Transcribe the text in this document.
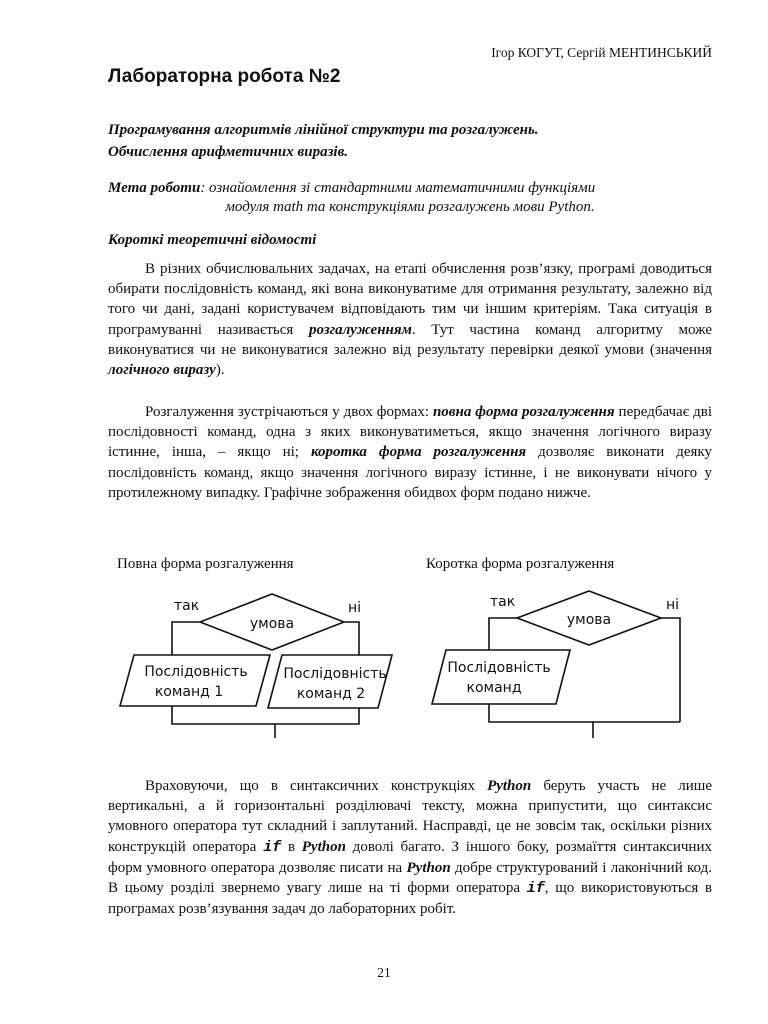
Ігор КОГУТ, Сергій МЕНТИНСЬКИЙ
Лабораторна робота №2
Програмування алгоритмів лінійної структури та розгалужень.
Обчислення арифметичних виразів.
Мета роботи: ознайомлення зі стандартними математичними функціями
модуля math та конструкціями розгалужень мови Python.
Короткі теоретичні відомості
В різних обчислювальних задачах, на етапі обчислення розв’язку, програмі доводиться обирати послідовність команд, які вона виконуватиме для отримання результату, залежно від того чи дані, задані користувачем відповідають тим чи іншим критеріям. Така ситуація в програмуванні називається розгалуженням. Тут частина команд алгоритму може виконуватися чи не виконуватися залежно від результату перевірки деякої умови (значення логічного виразу).
Розгалуження зустрічаються у двох формах: повна форма розгалуження передбачає дві послідовності команд, одна з яких виконуватиметься, якщо значення логічного виразу істинне, інша, – якщо ні; коротка форма розгалуження дозволяє виконати деяку послідовність команд, якщо значення логічного виразу істинне, і не виконувати нічого у протилежному випадку. Графічне зображення обидвох форм подано нижче.
Повна форма розгалуження	Коротка форма розгалуження
так	ні
умова
Послідовність
команд 1
Послідовність
команд 2
так	ні
умова
Послідовність
команд
Враховуючи, що в синтаксичних конструкціях Python беруть участь не лише вертикальні, а й горизонтальні розділювачі тексту, можна припустити, що синтаксис умовного оператора тут складний і заплутаний. Насправді, це не зовсім так, оскільки різних конструкцій оператора if в Python доволі багато. З іншого боку, розмаїття синтаксичних форм умовного оператора дозволяє писати на Python добре структурований і лаконічний код. В цьому розділі звернемо увагу лише на ті форми оператора if, що використовуються в програмах розв’язування задач до лабораторних робіт.
21
